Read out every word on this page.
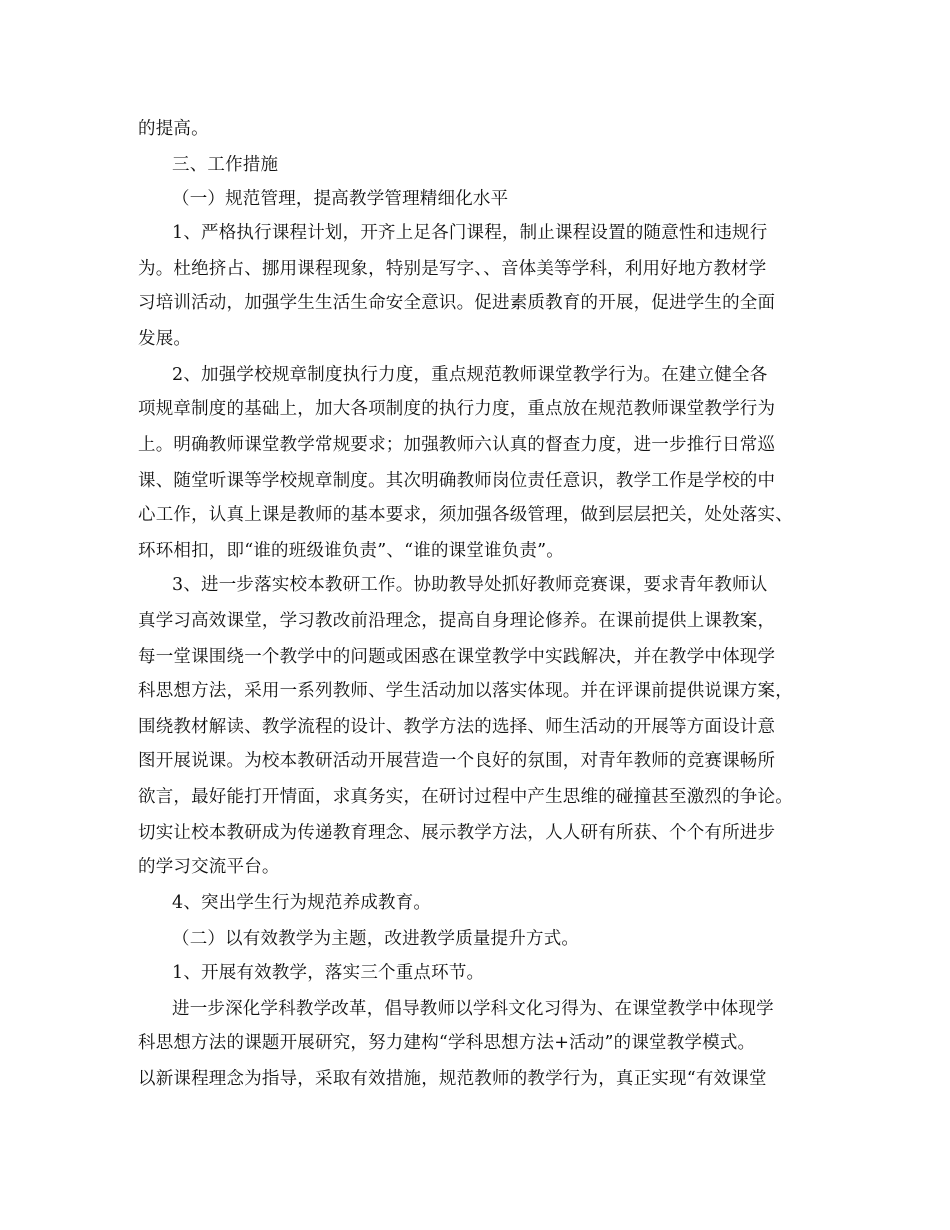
的提高。
三、工作措施
（一）规范管理，提高教学管理精细化水平
1、严格执行课程计划，开齐上足各门课程，制止课程设置的随意性和违规行
为。杜绝挤占、挪用课程现象，特别是写字、、音体美等学科，利用好地方教材学
习培训活动，加强学生生活生命安全意识。促进素质教育的开展，促进学生的全面
发展。
2、加强学校规章制度执行力度，重点规范教师课堂教学行为。在建立健全各
项规章制度的基础上，加大各项制度的执行力度，重点放在规范教师课堂教学行为
上。明确教师课堂教学常规要求；加强教师六认真的督查力度，进一步推行日常巡
课、随堂听课等学校规章制度。其次明确教师岗位责任意识，教学工作是学校的中
心工作，认真上课是教师的基本要求，须加强各级管理，做到层层把关，处处落实、
环环相扣，即“谁的班级谁负责”、“谁的课堂谁负责”。
3、进一步落实校本教研工作。协助教导处抓好教师竞赛课，要求青年教师认
真学习高效课堂，学习教改前沿理念，提高自身理论修养。在课前提供上课教案，
每一堂课围绕一个教学中的问题或困惑在课堂教学中实践解决，并在教学中体现学
科思想方法，采用一系列教师、学生活动加以落实体现。并在评课前提供说课方案，
围绕教材解读、教学流程的设计、教学方法的选择、师生活动的开展等方面设计意
图开展说课。为校本教研活动开展营造一个良好的氛围，对青年教师的竞赛课畅所
欲言，最好能打开情面，求真务实，在研讨过程中产生思维的碰撞甚至激烈的争论。
切实让校本教研成为传递教育理念、展示教学方法，人人研有所获、个个有所进步
的学习交流平台。
4、突出学生行为规范养成教育。
（二）以有效教学为主题，改进教学质量提升方式。
1、开展有效教学，落实三个重点环节。
进一步深化学科教学改革，倡导教师以学科文化习得为、在课堂教学中体现学
科思想方法的课题开展研究，努力建构“学科思想方法+活动”的课堂教学模式。
以新课程理念为指导，采取有效措施，规范教师的教学行为，真正实现“有效课堂
